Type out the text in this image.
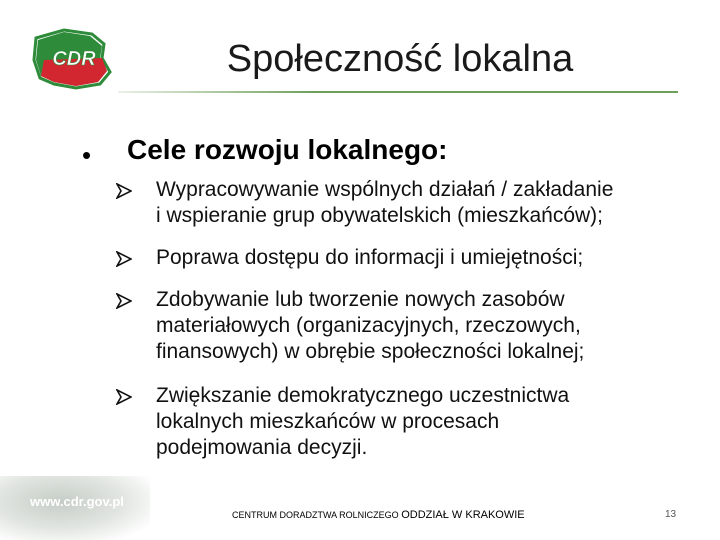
CDR	Społeczność lokalna
• Cele rozwoju lokalnego:
Wypracowywanie wspólnych działań / zakładanie
i wspieranie grup obywatelskich (mieszkańców);
Poprawa dostępu do informacji i umiejętności;
Zdobywanie lub tworzenie nowych zasobów
materiałowych (organizacyjnych, rzeczowych,
finansowych) w obrębie społeczności lokalnej;
Zwiększanie demokratycznego uczestnictwa
lokalnych mieszkańców w procesach
podejmowania decyzji.
www.cdr.gov.pl
CENTRUM DORADZTWA ROLNICZEGO ODDZIAŁ W KRAKOWIE	13
